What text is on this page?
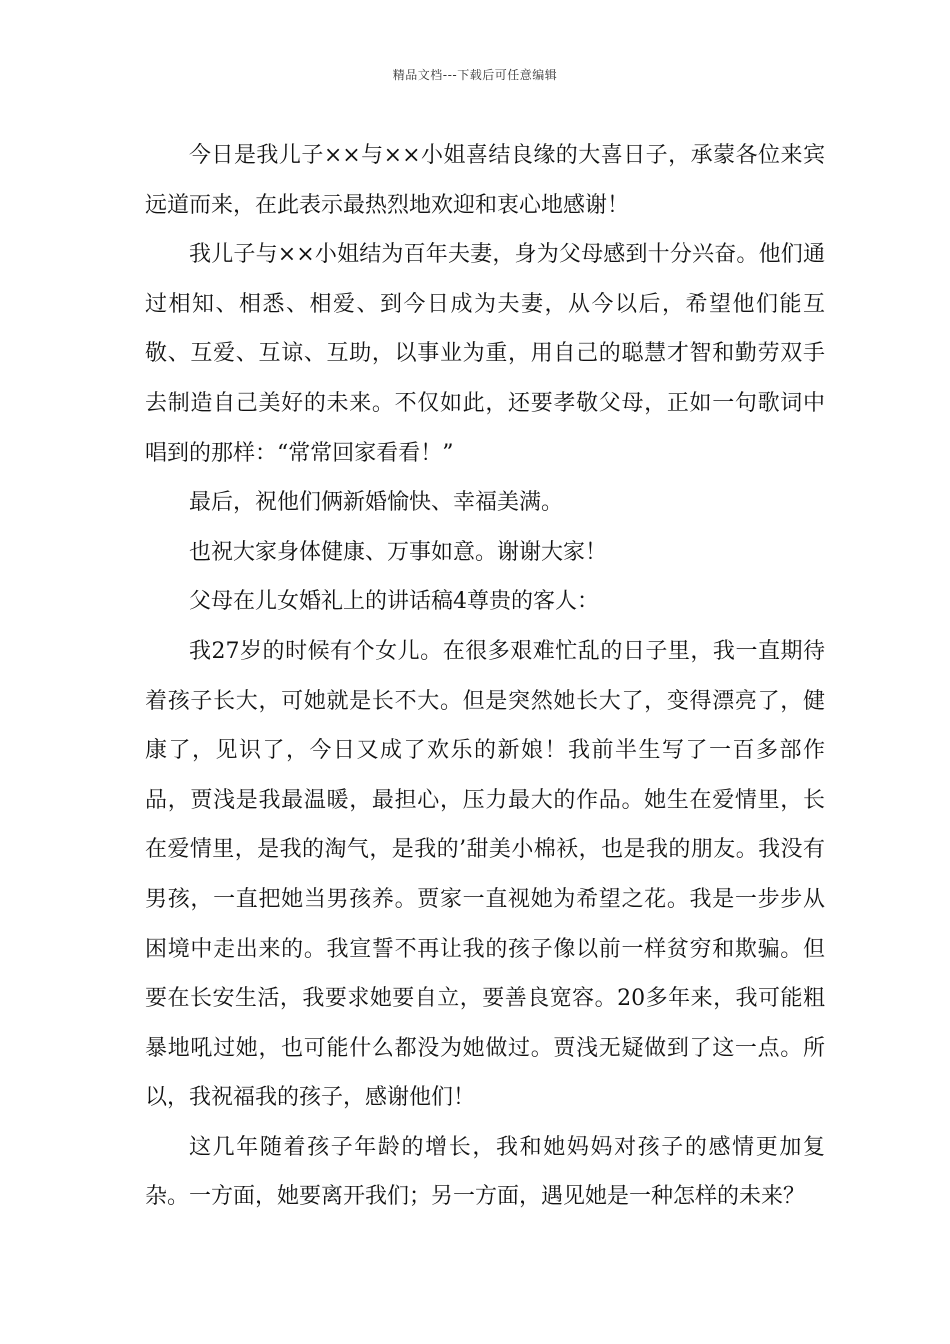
精品文档---下载后可任意编辑

今日是我儿子××与××小姐喜结良缘的大喜日子，承蒙各位来宾远道而来，在此表示最热烈地欢迎和衷心地感谢！

我儿子与××小姐结为百年夫妻，身为父母感到十分兴奋。他们通过相知、相悉、相爱、到今日成为夫妻，从今以后，希望他们能互敬、互爱、互谅、互助，以事业为重，用自己的聪慧才智和勤劳双手去制造自己美好的未来。不仅如此，还要孝敬父母，正如一句歌词中唱到的那样：“常常回家看看！”

最后，祝他们俩新婚愉快、幸福美满。

也祝大家身体健康、万事如意。谢谢大家！

父母在儿女婚礼上的讲话稿4尊贵的客人：

我27岁的时候有个女儿。在很多艰难忙乱的日子里，我一直期待着孩子长大，可她就是长不大。但是突然她长大了，变得漂亮了，健康了，见识了，今日又成了欢乐的新娘！我前半生写了一百多部作品，贾浅是我最温暖，最担心，压力最大的作品。她生在爱情里，长在爱情里，是我的淘气，是我的’甜美小棉袄，也是我的朋友。我没有男孩，一直把她当男孩养。贾家一直视她为希望之花。我是一步步从困境中走出来的。我宣誓不再让我的孩子像以前一样贫穷和欺骗。但要在长安生活，我要求她要自立，要善良宽容。20多年来，我可能粗暴地吼过她，也可能什么都没为她做过。贾浅无疑做到了这一点。所以，我祝福我的孩子，感谢他们！

这几年随着孩子年龄的增长，我和她妈妈对孩子的感情更加复杂。一方面，她要离开我们；另一方面，遇见她是一种怎样的未来？
